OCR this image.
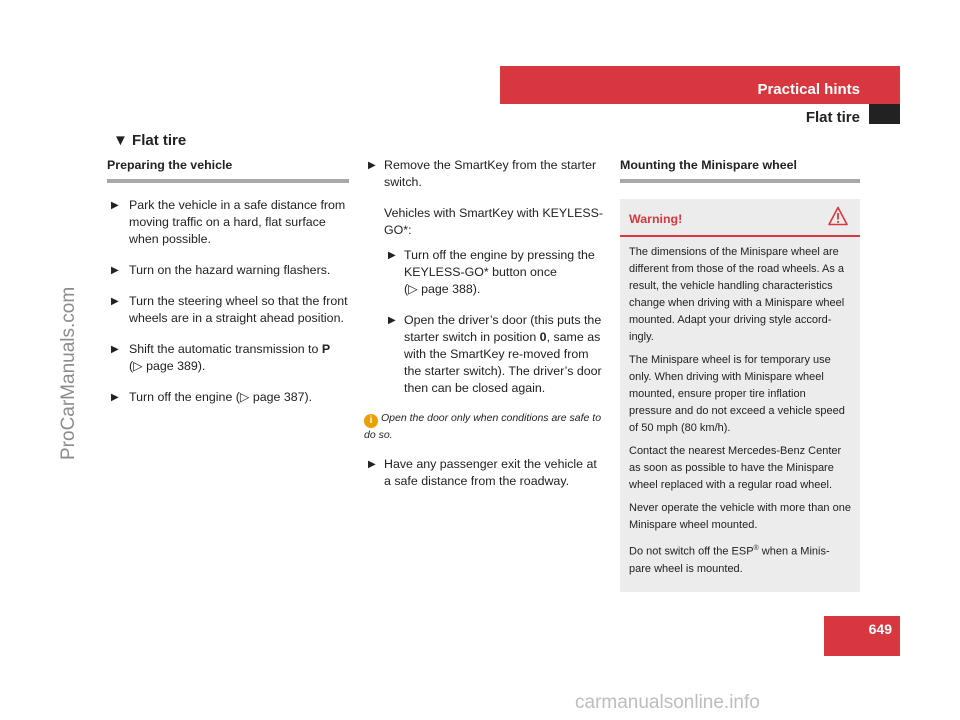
Practical hints
Flat tire
ProCarManuals.com
▼ Flat tire
Preparing the vehicle
▶ Park the vehicle in a safe distance from moving traffic on a hard, flat surface when possible.
▶ Turn on the hazard warning flashers.
▶ Turn the steering wheel so that the front wheels are in a straight ahead position.
▶ Shift the automatic transmission to P
(▷ page 389).
▶ Turn off the engine (▷ page 387).
▶ Remove the SmartKey from the starter switch.
Vehicles with SmartKey with KEYLESS-GO*:
▶ Turn off the engine by pressing the KEYLESS-GO* button once
(▷ page 388).
▶ Open the driver’s door (this puts the starter switch in position 0, same as with the SmartKey re-moved from the starter switch). The driver’s door then can be closed again.
i Open the door only when conditions are safe to do so.
▶ Have any passenger exit the vehicle at a safe distance from the roadway.
Mounting the Minispare wheel
Warning!

The dimensions of the Minispare wheel are different from those of the road wheels. As a result, the vehicle handling characteristics change when driving with a Minispare wheel mounted. Adapt your driving style accord-ingly.

The Minispare wheel is for temporary use only. When driving with Minispare wheel mounted, ensure proper tire inflation pressure and do not exceed a vehicle speed of 50 mph (80 km/h).

Contact the nearest Mercedes-Benz Center as soon as possible to have the Minispare wheel replaced with a regular road wheel.

Never operate the vehicle with more than one Minispare wheel mounted.

Do not switch off the ESP® when a Minis-pare wheel is mounted.

649
carmanualsonline.info
